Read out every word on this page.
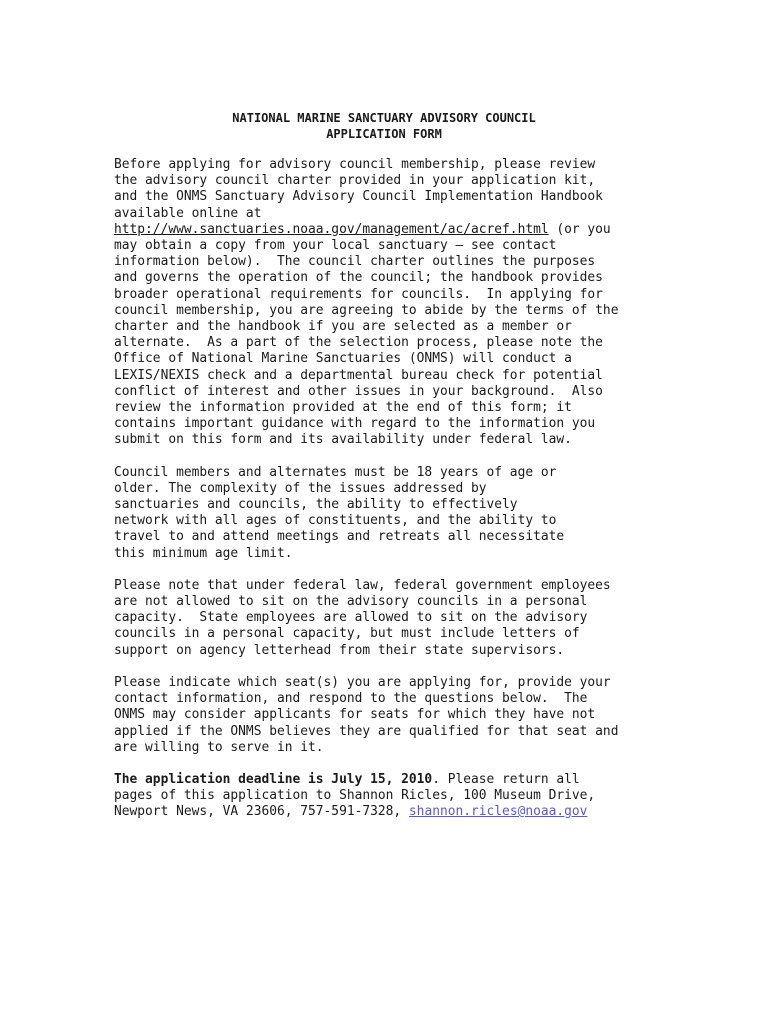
NATIONAL MARINE SANCTUARY ADVISORY COUNCIL
APPLICATION FORM
Before applying for advisory council membership, please review
the advisory council charter provided in your application kit,
and the ONMS Sanctuary Advisory Council Implementation Handbook
available online at
http://www.sanctuaries.noaa.gov/management/ac/acref.html (or you
may obtain a copy from your local sanctuary – see contact
information below).  The council charter outlines the purposes
and governs the operation of the council; the handbook provides
broader operational requirements for councils.  In applying for
council membership, you are agreeing to abide by the terms of the
charter and the handbook if you are selected as a member or
alternate.  As a part of the selection process, please note the
Office of National Marine Sanctuaries (ONMS) will conduct a
LEXIS/NEXIS check and a departmental bureau check for potential
conflict of interest and other issues in your background.  Also
review the information provided at the end of this form; it
contains important guidance with regard to the information you
submit on this form and its availability under federal law.
Council members and alternates must be 18 years of age or
older. The complexity of the issues addressed by
sanctuaries and councils, the ability to effectively
network with all ages of constituents, and the ability to
travel to and attend meetings and retreats all necessitate
this minimum age limit.
Please note that under federal law, federal government employees
are not allowed to sit on the advisory councils in a personal
capacity.  State employees are allowed to sit on the advisory
councils in a personal capacity, but must include letters of
support on agency letterhead from their state supervisors.
Please indicate which seat(s) you are applying for, provide your
contact information, and respond to the questions below.  The
ONMS may consider applicants for seats for which they have not
applied if the ONMS believes they are qualified for that seat and
are willing to serve in it.
The application deadline is July 15, 2010. Please return all
pages of this application to Shannon Ricles, 100 Museum Drive,
Newport News, VA 23606, 757-591-7328, shannon.ricles@noaa.gov
